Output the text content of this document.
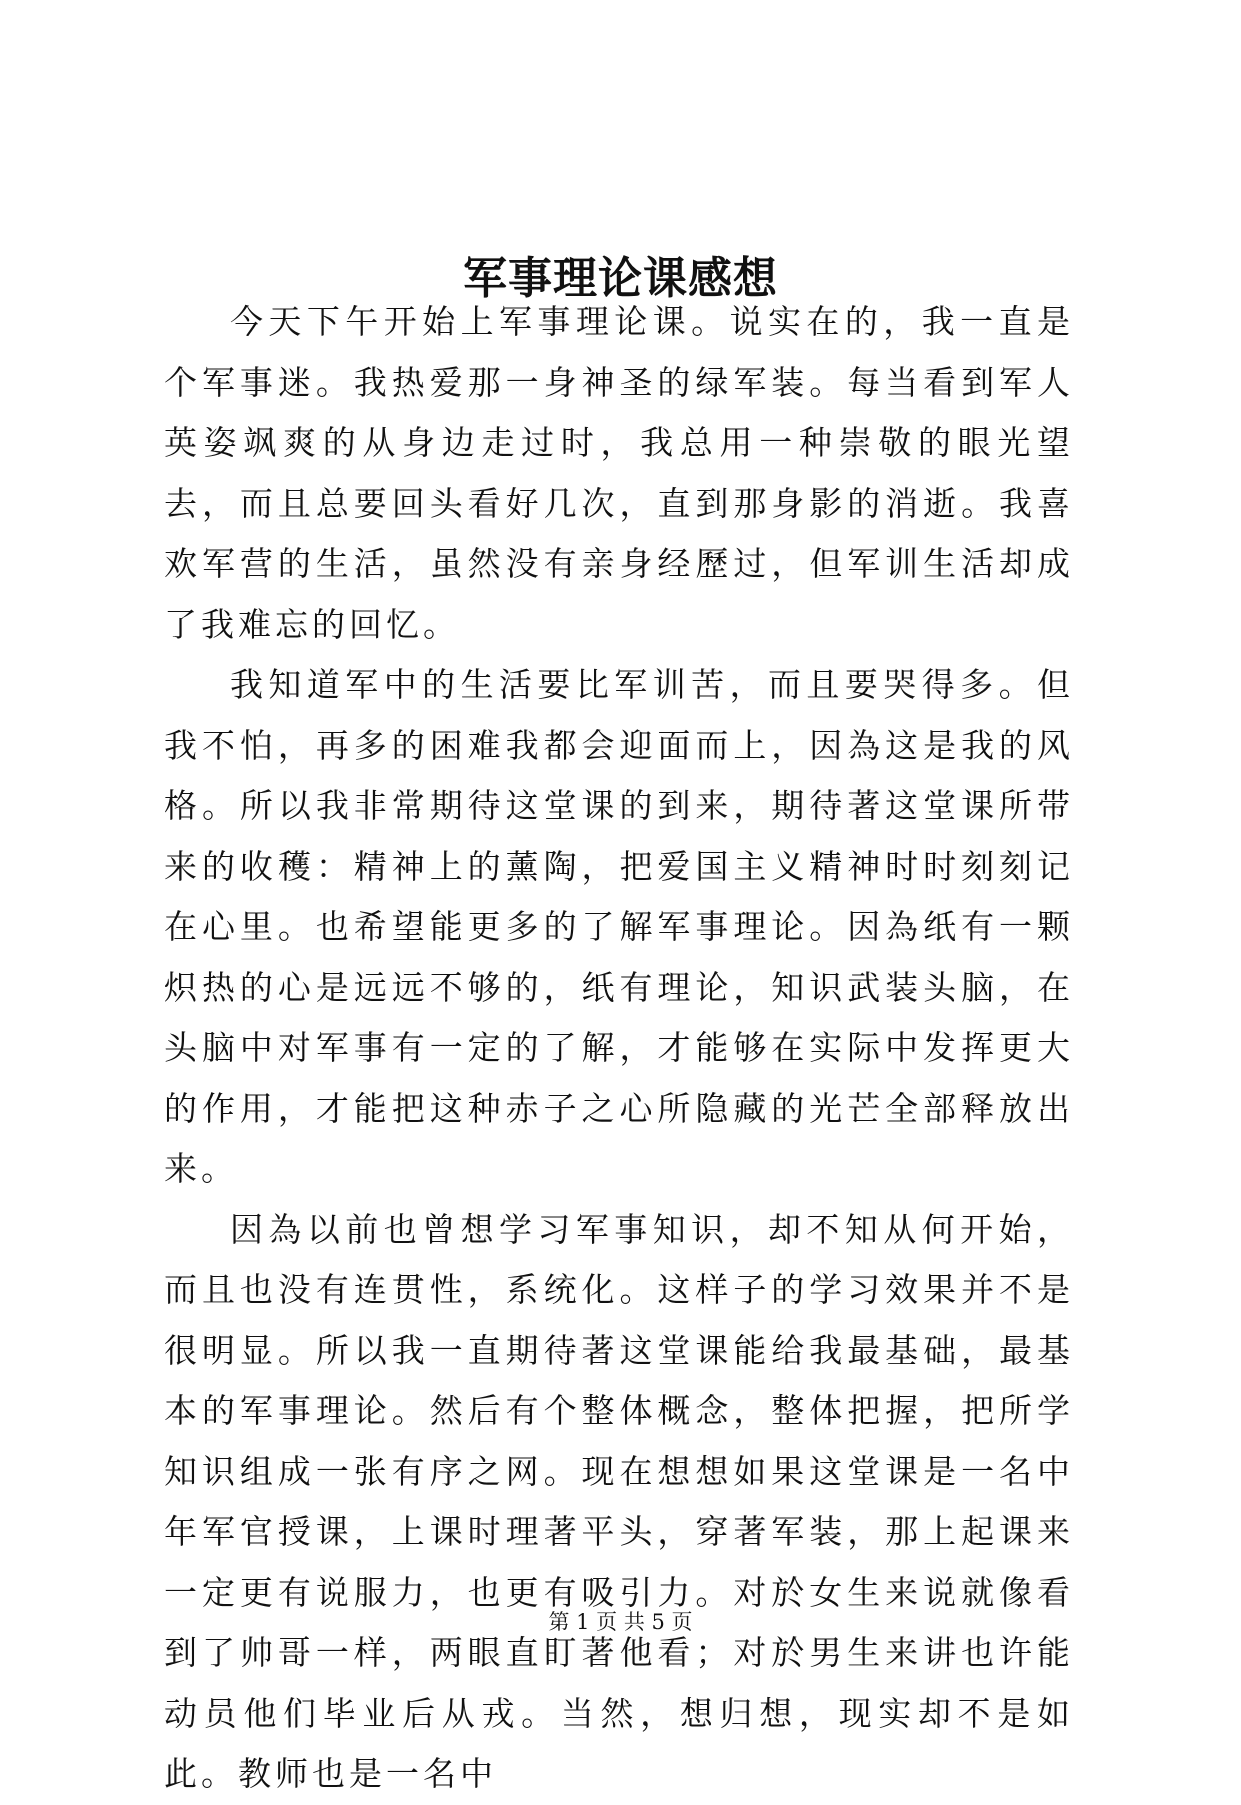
军事理论课感想

今天下午开始上军事理论课。说实在的，我一直是个军事迷。我热爱那一身神圣的绿军装。每当看到军人英姿飒爽的从身边走过时，我总用一种崇敬的眼光望去，而且总要回头看好几次，直到那身影的消逝。我喜欢军营的生活，虽然没有亲身经歷过，但军训生活却成了我难忘的回忆。

我知道军中的生活要比军训苦，而且要哭得多。但我不怕，再多的困难我都会迎面而上，因為这是我的风格。所以我非常期待这堂课的到来，期待著这堂课所带来的收穫：精神上的薰陶，把爱国主义精神时时刻刻记在心里。也希望能更多的了解军事理论。因為纸有一颗炽热的心是远远不够的，纸有理论，知识武装头脑，在头脑中对军事有一定的了解，才能够在实际中发挥更大的作用，才能把这种赤子之心所隐藏的光芒全部释放出来。

因為以前也曾想学习军事知识，却不知从何开始，而且也没有连贯性，系统化。这样子的学习效果并不是很明显。所以我一直期待著这堂课能给我最基础，最基本的军事理论。然后有个整体概念，整体把握，把所学知识组成一张有序之网。现在想想如果这堂课是一名中年军官授课，上课时理著平头，穿著军装，那上起课来一定更有说服力，也更有吸引力。对於女生来说就像看到了帅哥一样，两眼直盯著他看；对於男生来讲也许能动员他们毕业后从戎。当然，想归想，现实却不是如此。教师也是一名中

第 1 页 共 5 页
